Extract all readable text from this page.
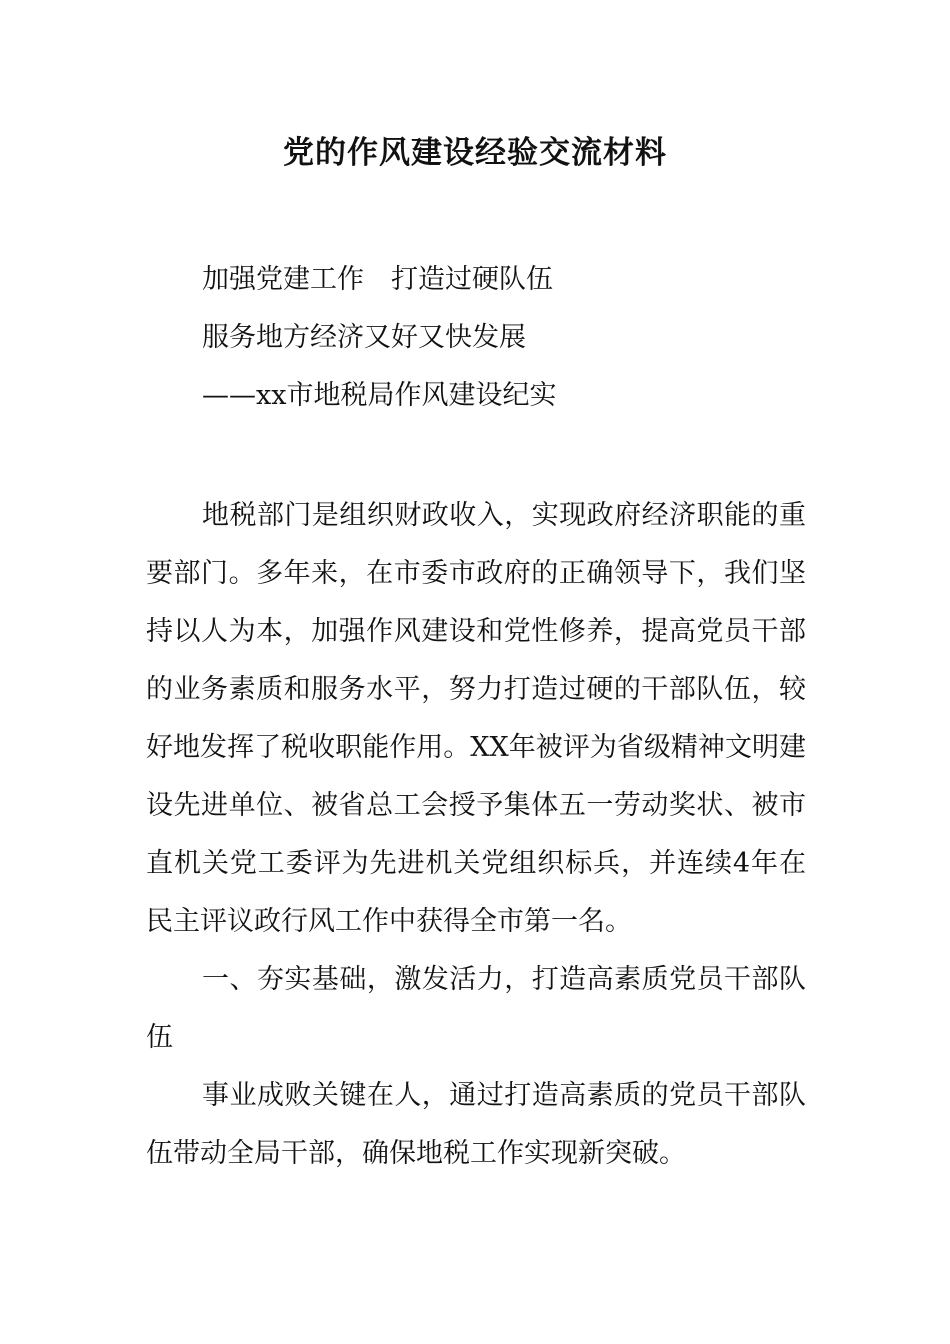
党的作风建设经验交流材料
加强党建工作　打造过硬队伍
服务地方经济又好又快发展
——xx市地税局作风建设纪实

地税部门是组织财政收入，实现政府经济职能的重要部门。多年来，在市委市政府的正确领导下，我们坚持以人为本，加强作风建设和党性修养，提高党员干部的业务素质和服务水平，努力打造过硬的干部队伍，较好地发挥了税收职能作用。XX年被评为省级精神文明建设先进单位、被省总工会授予集体五一劳动奖状、被市直机关党工委评为先进机关党组织标兵，并连续4年在民主评议政行风工作中获得全市第一名。

一、夯实基础，激发活力，打造高素质党员干部队伍

事业成败关键在人，通过打造高素质的党员干部队伍带动全局干部，确保地税工作实现新突破。
